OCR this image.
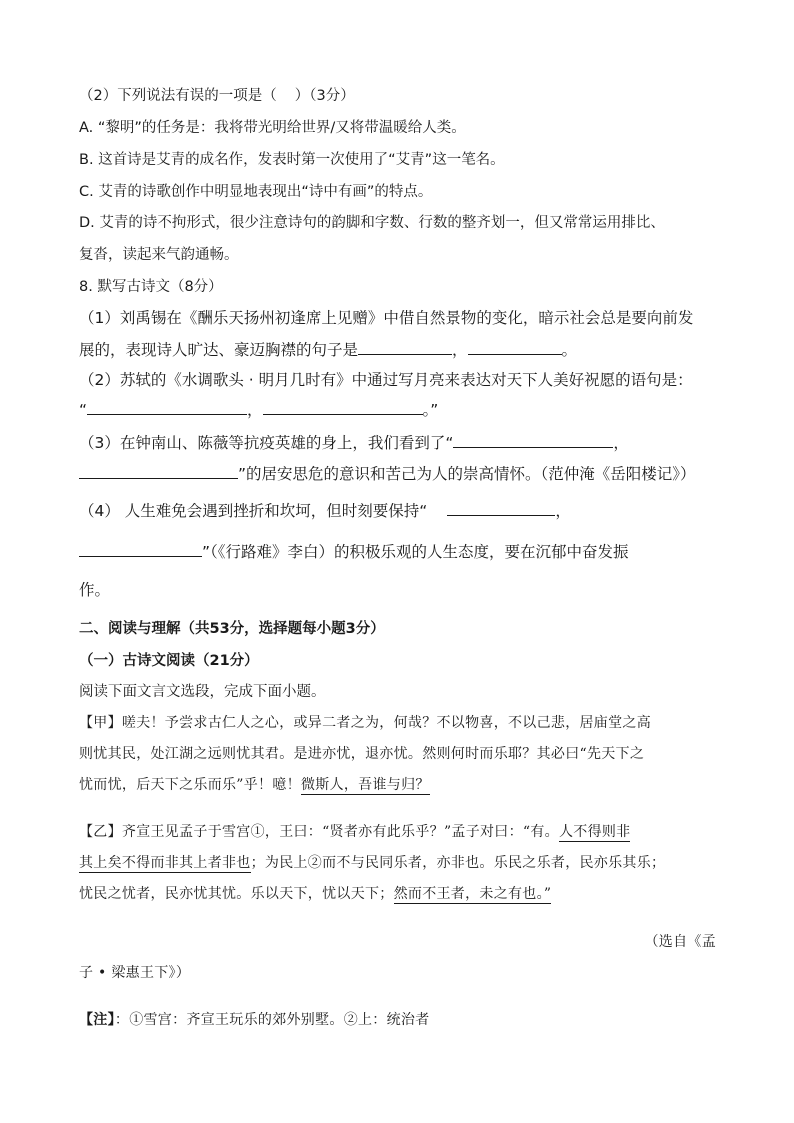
（2）下列说法有误的一项是（ ）（3分）
A. “黎明”的任务是：我将带光明给世界/又将带温暖给人类。
B. 这首诗是艾青的成名作，发表时第一次使用了“艾青”这一笔名。
C. 艾青的诗歌创作中明显地表现出“诗中有画”的特点。
D. 艾青的诗不拘形式，很少注意诗句的韵脚和字数、行数的整齐划一，但又常常运用排比、
复沓，读起来气韵通畅。
8. 默写古诗文（8分）
（1）刘禹锡在《酬乐天扬州初逢席上见赠》中借自然景物的变化，暗示社会总是要向前发
展的，表现诗人旷达、豪迈胸襟的句子是	，	。
（2）苏轼的《水调歌头 · 明月几时有》中通过写月亮来表达对天下人美好祝愿的语句是：
“	，	。”
（3）在钟南山、陈薇等抗疫英雄的身上，我们看到了“	，
”的居安思危的意识和苦己为人的崇高情怀。（范仲淹《岳阳楼记》）
（4） 人生难免会遇到挫折和坎坷，但时刻要保持“	，
”（《行路难》李白）的积极乐观的人生态度，要在沉郁中奋发振
作。
二、阅读与理解（共53分，选择题每小题3分）
（一）古诗文阅读（21分）
阅读下面文言文选段，完成下面小题。
【甲】嗟夫！予尝求古仁人之心，或异二者之为，何哉？不以物喜，不以己悲，居庙堂之高
则忧其民，处江湖之远则忧其君。是进亦忧，退亦忧。然则何时而乐耶？其必曰“先天下之
忧而忧，后天下之乐而乐”乎！噫！微斯人，吾谁与归？
【乙】齐宣王见孟子于雪宫①，王曰：“贤者亦有此乐乎？”孟子对曰：“有。人不得则非
其上矣不得而非其上者非也；为民上②而不与民同乐者，亦非也。乐民之乐者，民亦乐其乐；
忧民之忧者，民亦忧其忧。乐以天下，忧以天下；然而不王者，未之有也。”
（选自《孟
子 • 梁惠王下》）
【注】：①雪宫：齐宣王玩乐的郊外别墅。②上：统治者
